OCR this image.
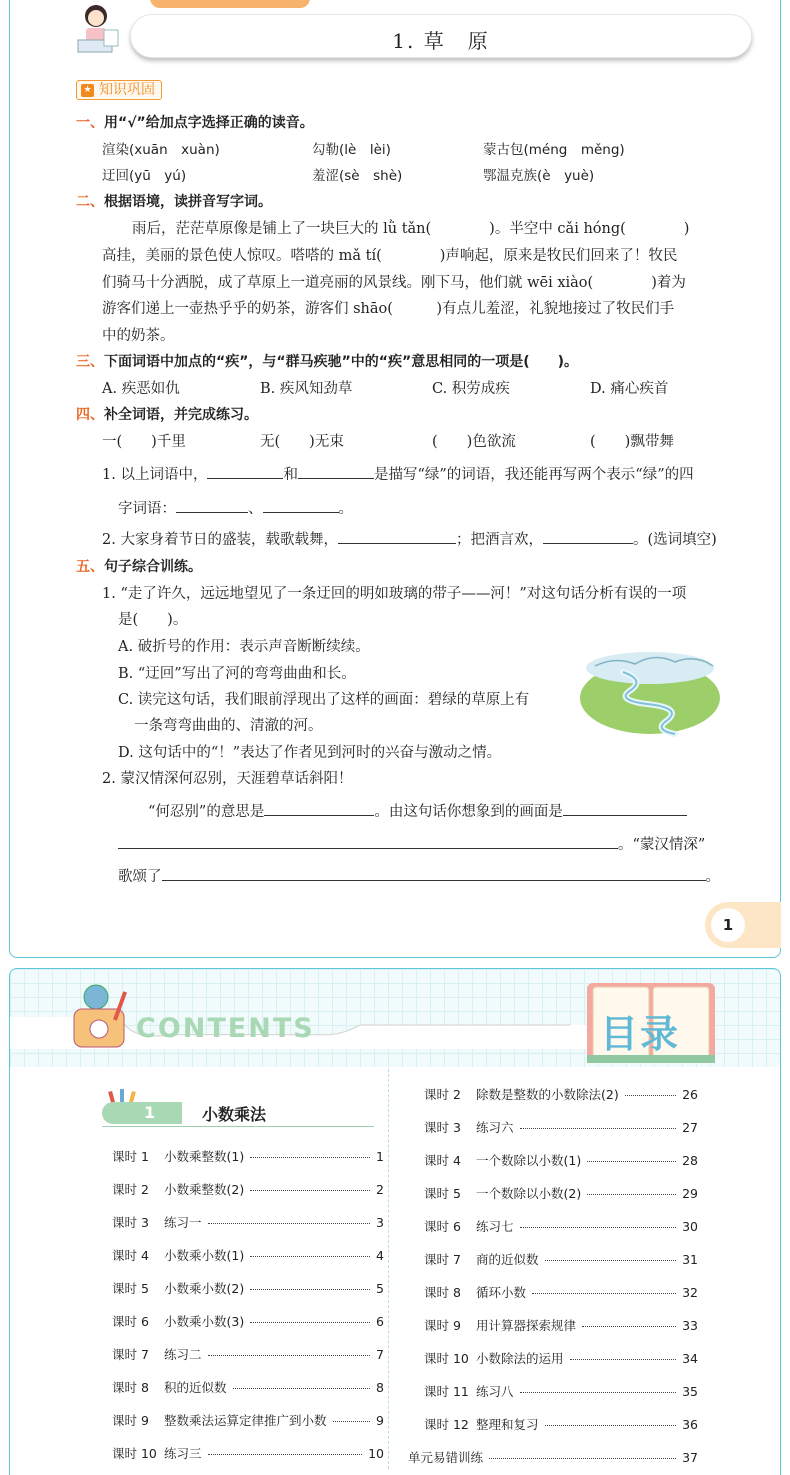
1. 草　原
★ 知识巩固
一、用“√”给加点字选择正确的读音。
渲染(xuān　xuàn)	勾勒(lè　lèi)	蒙古包(méng　měng)
迂回(yū　yú)	羞涩(sè　shè)	鄂温克族(è　yuè)
二、根据语境，读拼音写字词。
雨后，茫茫草原像是铺上了一块巨大的 lǜ tǎn(　　　　)。半空中 cǎi hóng(　　　　)
高挂，美丽的景色使人惊叹。嗒嗒的 mǎ tí(　　　　)声响起，原来是牧民们回来了！牧民
们骑马十分洒脱，成了草原上一道亮丽的风景线。刚下马，他们就 wēi xiào(　　　　)着为
游客们递上一壶热乎乎的奶茶，游客们 shāo(　　　)有点儿羞涩，礼貌地接过了牧民们手
中的奶茶。
三、下面词语中加点的“疾”，与“群马疾驰”中的“疾”意思相同的一项是(　　)。
A. 疾恶如仇	B. 疾风知劲草	C. 积劳成疾	D. 痛心疾首
四、补全词语，并完成练习。
一(　　)千里	无(　　)无束	(　　)色欲流	(　　)飘带舞
1. 以上词语中，	和	是描写“绿”的词语，我还能再写两个表示“绿”的四
字词语：	、	。
2. 大家身着节日的盛装，载歌载舞，	；把酒言欢，	。(选词填空)
五、句子综合训练。
1. “走了许久，远远地望见了一条迂回的明如玻璃的带子——河！”对这句话分析有误的一项
是(　　)。
A. 破折号的作用：表示声音断断续续。
B. “迂回”写出了河的弯弯曲曲和长。
C. 读完这句话，我们眼前浮现出了这样的画面：碧绿的草原上有
一条弯弯曲曲的、清澈的河。
D. 这句话中的“！”表达了作者见到河时的兴奋与激动之情。
2. 蒙汉情深何忍别，天涯碧草话斜阳！
“何忍别”的意思是	。由这句话你想象到的画面是
。“蒙汉情深”
歌颂了	。
1
CONTENTS	目录
1	小数乘法
课时 1	小数乘整数(1)	1
课时 2	小数乘整数(2)	2
课时 3	练习一	3
课时 4	小数乘小数(1)	4
课时 5	小数乘小数(2)	5
课时 6	小数乘小数(3)	6
课时 7	练习二	7
课时 8	积的近似数	8
课时 9	整数乘法运算定律推广到小数	9
课时 10 练习三	10
课时 2	除数是整数的小数除法(2)	26
课时 3	练习六	27
课时 4	一个数除以小数(1)	28
课时 5	一个数除以小数(2)	29
课时 6	练习七	30
课时 7	商的近似数	31
课时 8	循环小数	32
课时 9	用计算器探索规律	33
课时 10 小数除法的运用	34
课时 11 练习八	35
课时 12 整理和复习	36
单元易错训练	37
